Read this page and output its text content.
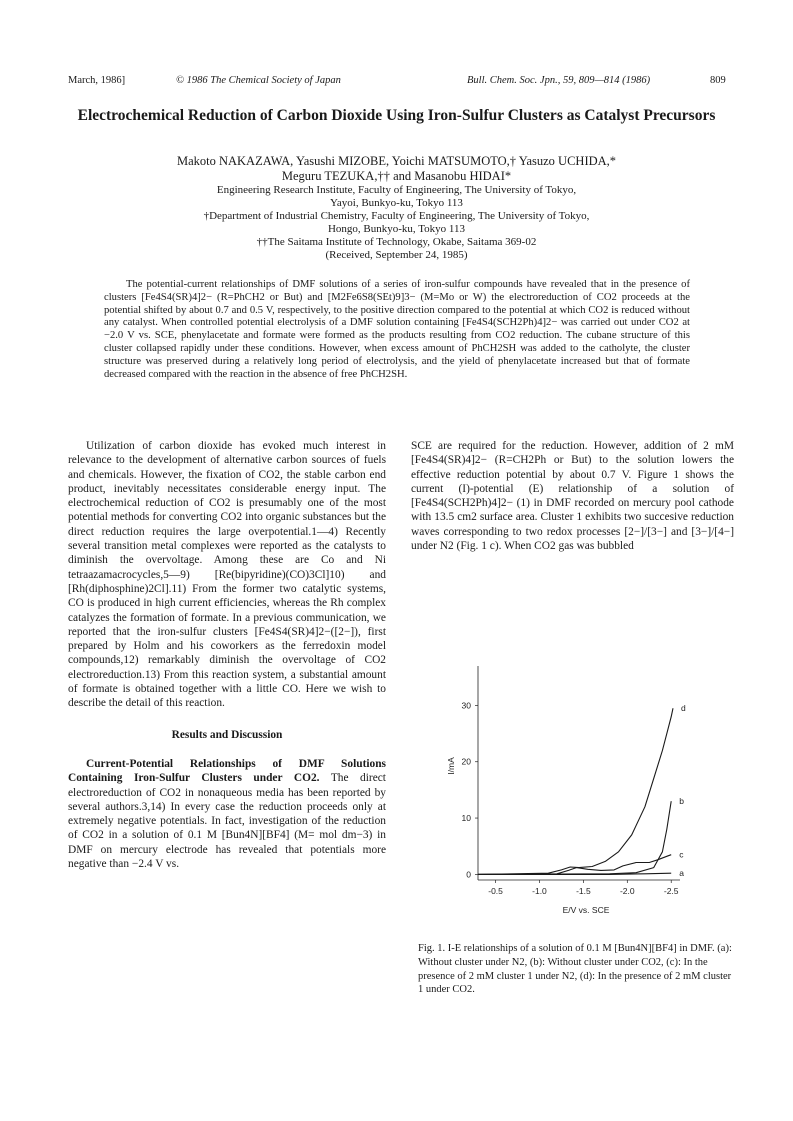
March, 1986]	© 1986 The Chemical Society of Japan	Bull. Chem. Soc. Jpn., 59, 809—814 (1986)	809
Electrochemical Reduction of Carbon Dioxide Using Iron-Sulfur Clusters as Catalyst Precursors
Makoto NAKAZAWA, Yasushi MIZOBE, Yoichi MATSUMOTO,† Yasuzo UCHIDA,*
Meguru TEZUKA,†† and Masanobu HIDAI*
Engineering Research Institute, Faculty of Engineering, The University of Tokyo,
Yayoi, Bunkyo-ku, Tokyo 113
†Department of Industrial Chemistry, Faculty of Engineering, The University of Tokyo,
Hongo, Bunkyo-ku, Tokyo 113
††The Saitama Institute of Technology, Okabe, Saitama 369-02
(Received, September 24, 1985)
The potential-current relationships of DMF solutions of a series of iron-sulfur compounds have revealed that in the presence of clusters [Fe4S4(SR)4]2− (R=PhCH2 or But) and [M2Fe6S8(SEt)9]3− (M=Mo or W) the electroreduction of CO2 proceeds at the potential shifted by about 0.7 and 0.5 V, respectively, to the positive direction compared to the potential at which CO2 is reduced without any catalyst. When controlled potential electrolysis of a DMF solution containing [Fe4S4(SCH2Ph)4]2− was carried out under CO2 at −2.0 V vs. SCE, phenylacetate and formate were formed as the products resulting from CO2 reduction. The cubane structure of this cluster collapsed rapidly under these conditions. However, when excess amount of PhCH2SH was added to the catholyte, the cluster structure was preserved during a relatively long period of electrolysis, and the yield of phenylacetate increased but that of formate decreased compared with the reaction in the absence of free PhCH2SH.

Utilization of carbon dioxide has evoked much interest in relevance to the development of alternative carbon sources of fuels and chemicals. However, the fixation of CO2, the stable carbon end product, inevitably necessitates considerable energy input. The electrochemical reduction of CO2 is presumably one of the most potential methods for converting CO2 into organic substances but the direct reduction requires the large overpotential.1—4) Recently several transition metal complexes were reported as the catalysts to diminish the overvoltage. Among these are Co and Ni tetraazamacrocycles,5—9) [Re(bipyridine)(CO)3Cl]10) and [Rh(diphosphine)2Cl].11) From the former two catalytic systems, CO is produced in high current efficiencies, whereas the Rh complex catalyzes the formation of formate. In a previous communication, we reported that the iron-sulfur clusters [Fe4S4(SR)4]2−([2−]), first prepared by Holm and his coworkers as the ferredoxin model compounds,12) remarkably diminish the overvoltage of CO2 electroreduction.13) From this reaction system, a substantial amount of formate is obtained together with a little CO. Here we wish to describe the detail of this reaction.

Results and Discussion

Current-Potential Relationships of DMF Solutions Containing Iron-Sulfur Clusters under CO2. The direct electroreduction of CO2 in nonaqueous media has been reported by several authors.3,14) In every case the reduction proceeds only at extremely negative potentials. In fact, investigation of the reduction of CO2 in a solution of 0.1 M [Bun4N][BF4] (M= mol dm−3) in DMF on mercury electrode has revealed that potentials more negative than −2.4 V vs.

SCE are required for the reduction. However, addition of 2 mM [Fe4S4(SR)4]2− (R=CH2Ph or But) to the solution lowers the effective reduction potential by about 0.7 V. Figure 1 shows the current (I)-potential (E) relationship of a solution of [Fe4S4(SCH2Ph)4]2− (1) in DMF recorded on mercury pool cathode with 13.5 cm2 surface area. Cluster 1 exhibits two succesive reduction waves corresponding to two redox processes [2−]/[3−] and [3−]/[4−] under N2 (Fig. 1 c). When CO2 gas was bubbled

-0.5	-1.0	-1.5	-2.0	-2.5
0
10
20
30
a
b
c
d
E/V vs. SCE
I/mA
Fig. 1. I-E relationships of a solution of 0.1 M [Bun4N][BF4] in DMF. (a): Without cluster under N2, (b): Without cluster under CO2, (c): In the presence of 2 mM cluster 1 under N2, (d): In the presence of 2 mM cluster 1 under CO2.
